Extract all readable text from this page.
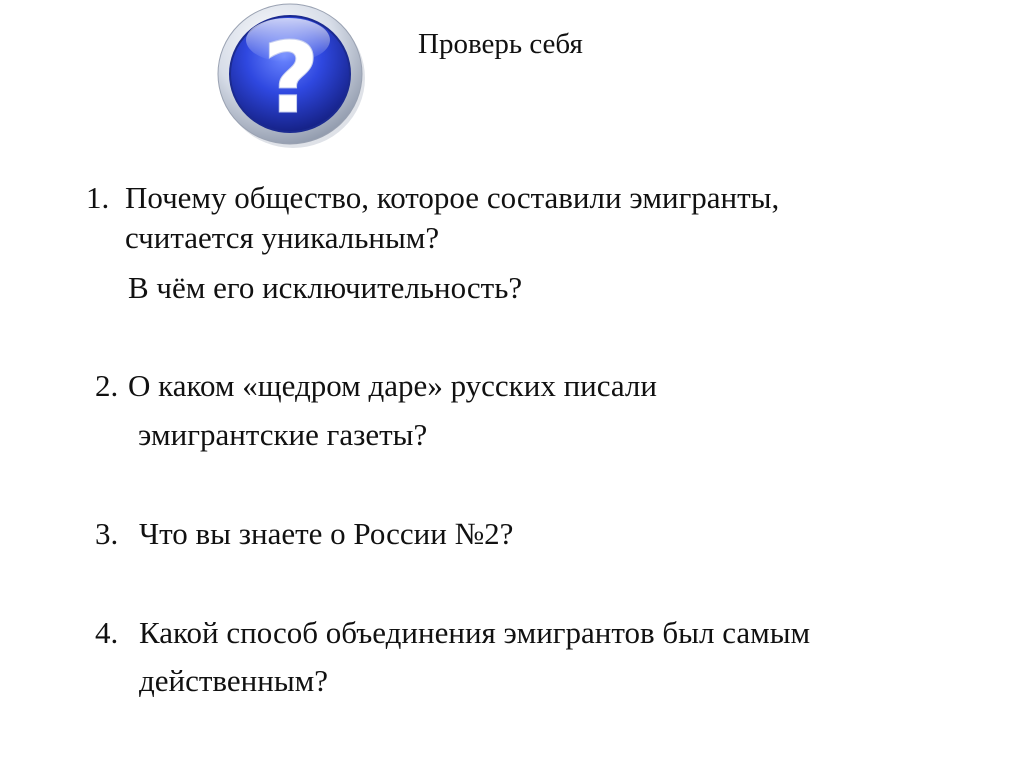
?	Проверь себя
1. Почему общество, которое составили эмигранты,
считается уникальным?
В чём его исключительность?
2. О каком «щедром даре» русских писали
эмигрантские газеты?
3. Что вы знаете о России №2?
4. Какой способ объединения эмигрантов был самым
действенным?
